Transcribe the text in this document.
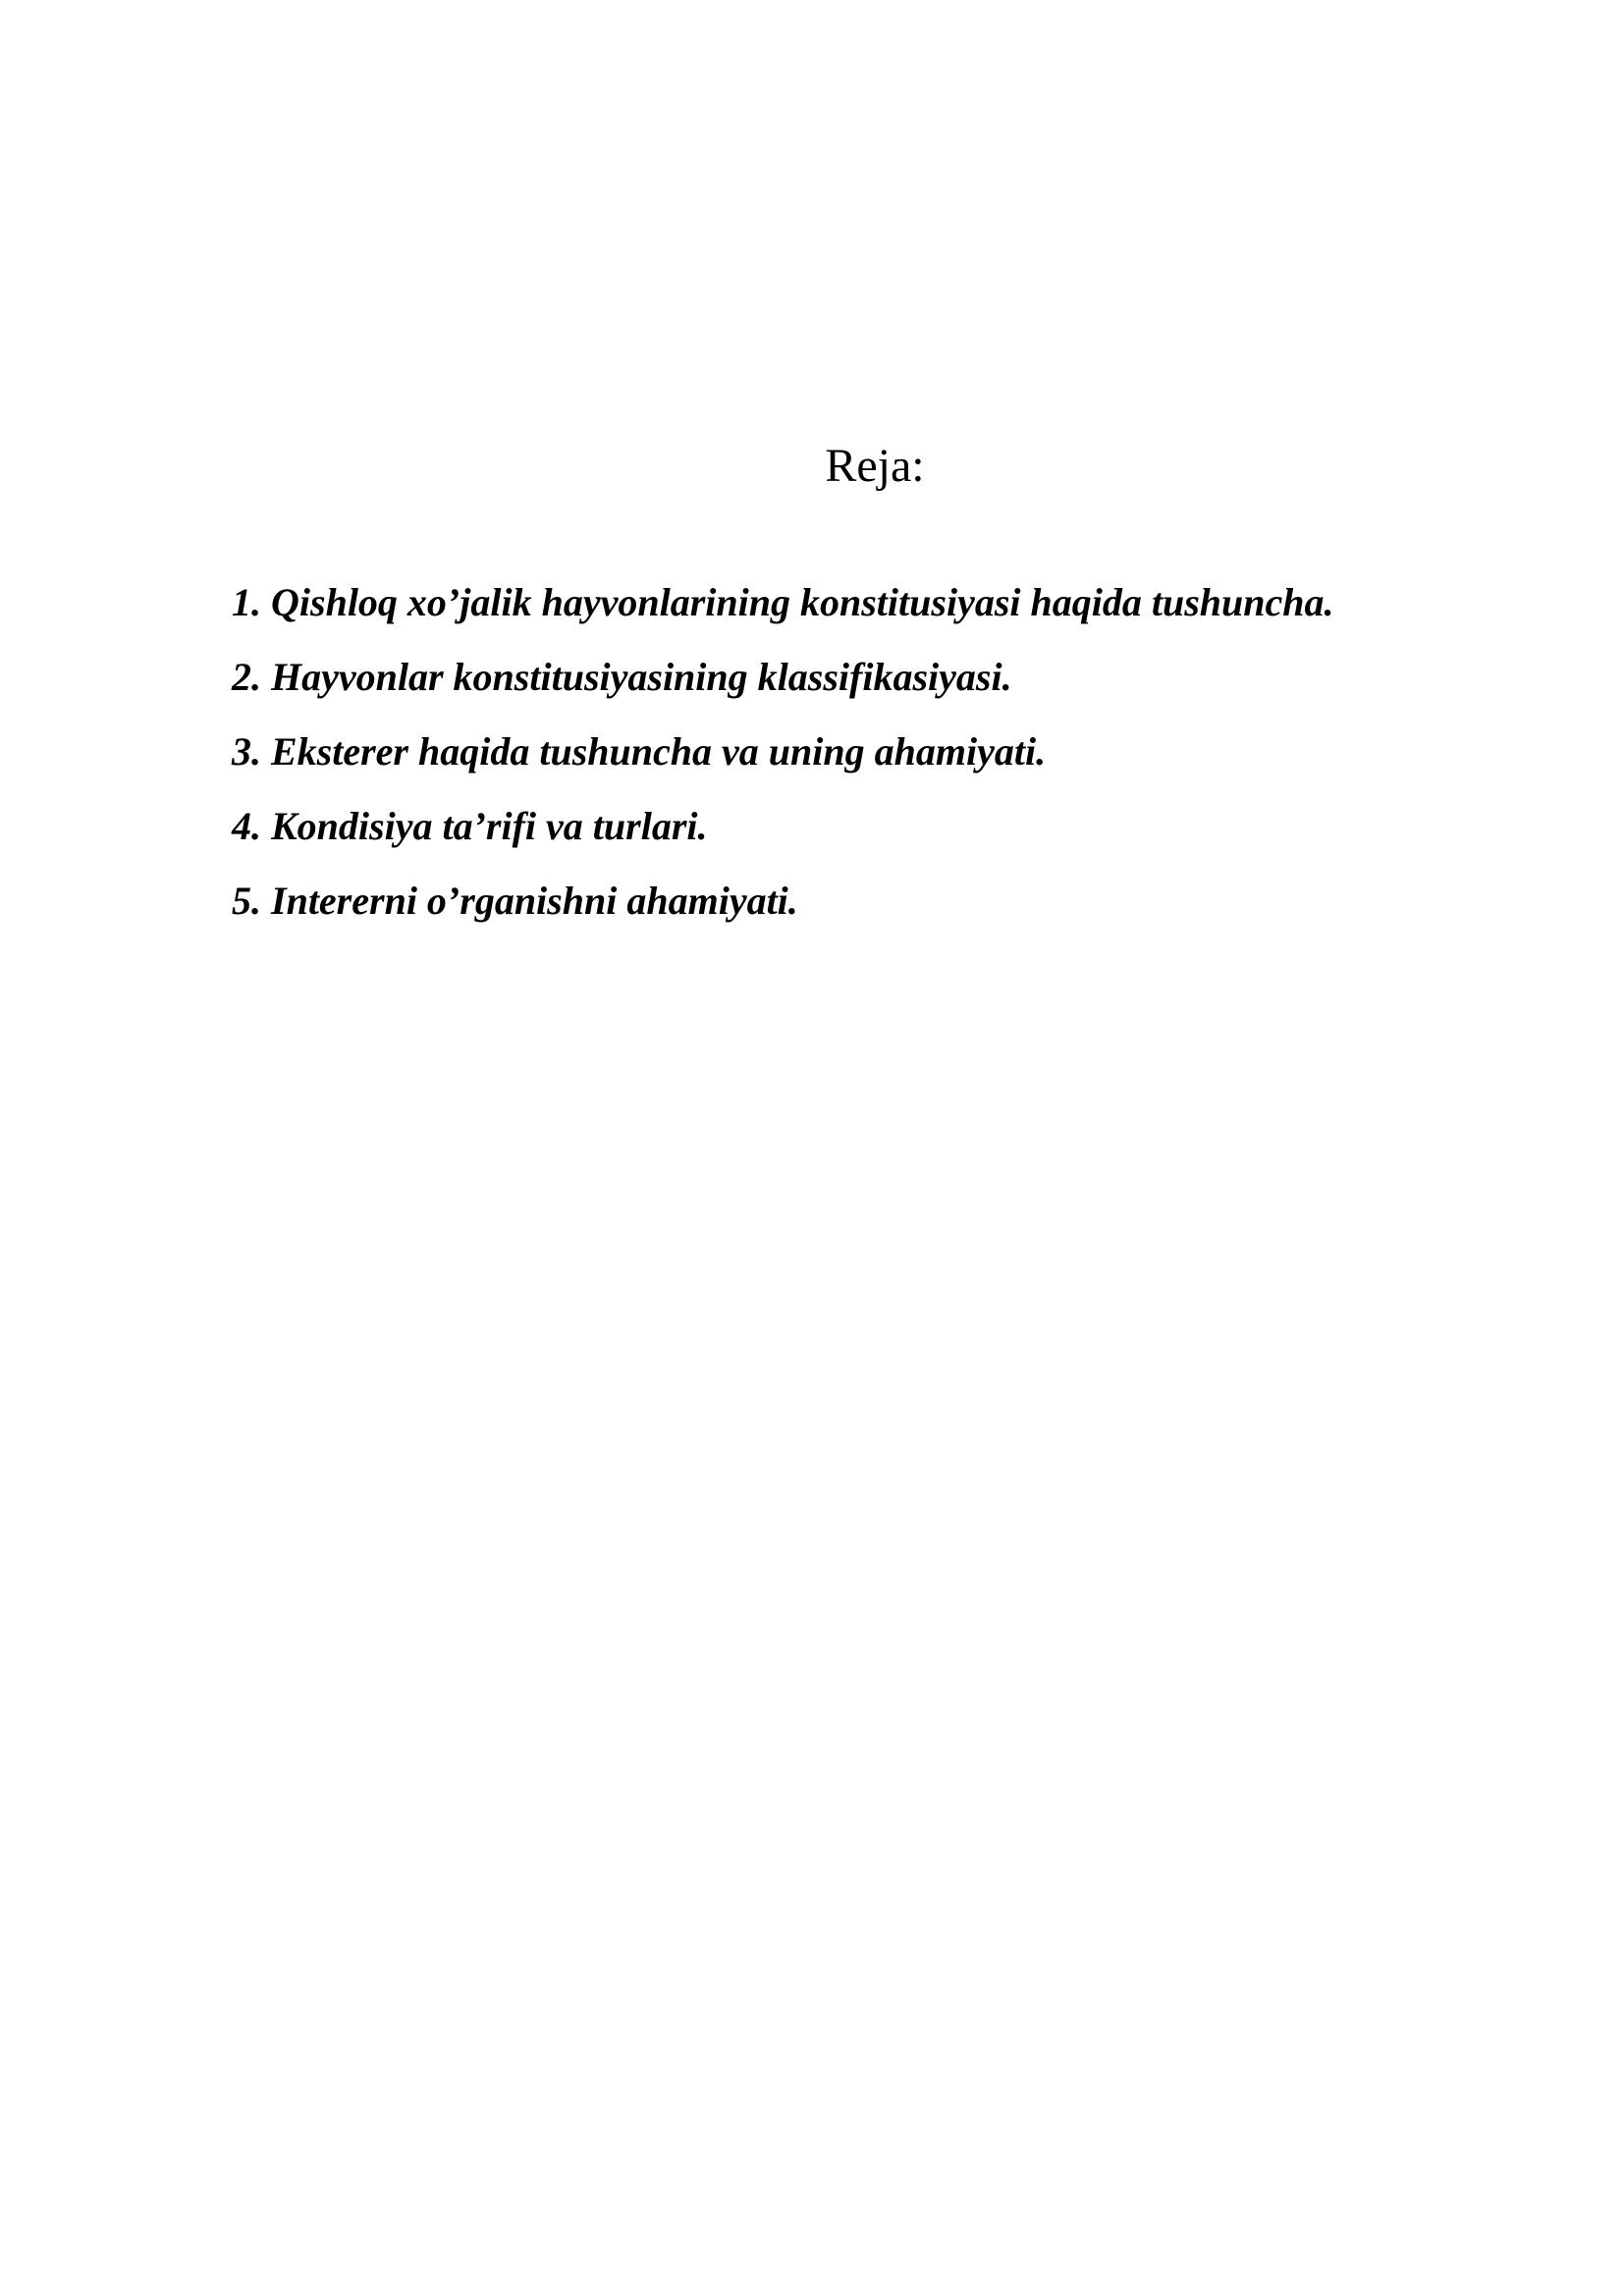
Reja:
1. Qishloq xo’jalik hayvonlarining konstitusiyasi haqida tushuncha.
2. Hayvonlar konstitusiyasining klassifikasiyasi.
3. Eksterer haqida tushuncha va uning ahamiyati.
4. Kondisiya ta’rifi va turlari.
5. Intererni o’rganishni ahamiyati.
